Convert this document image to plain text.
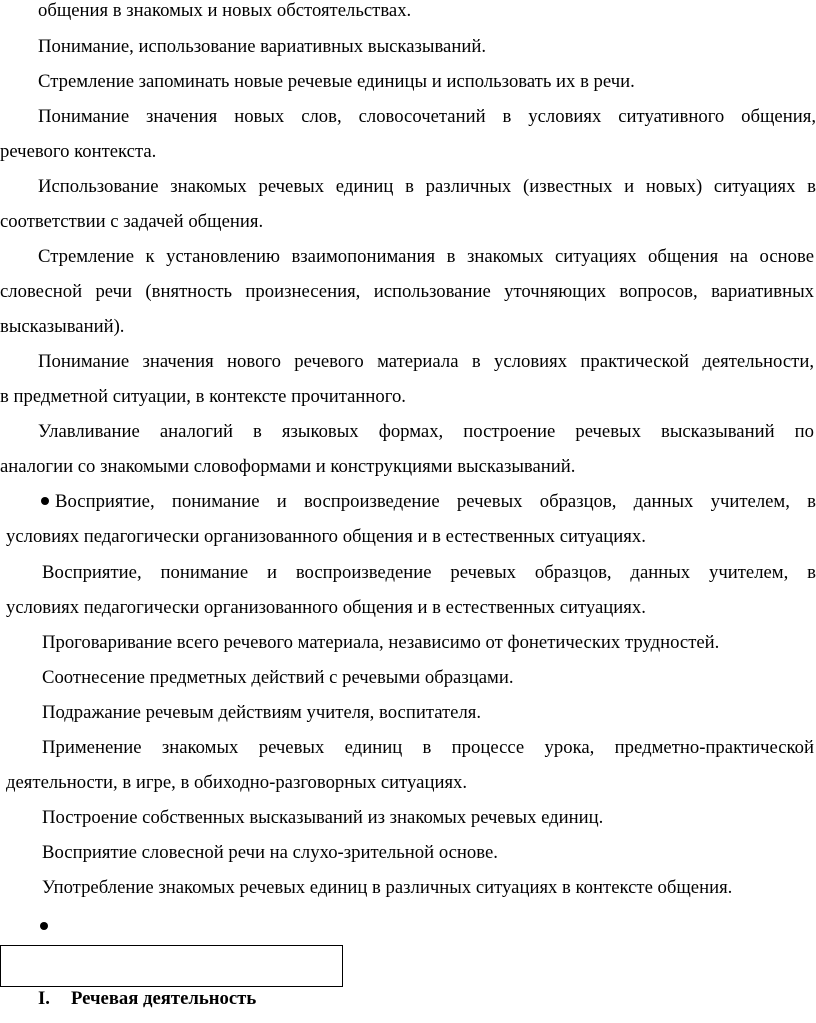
общения в знакомых и новых обстоятельствах.
Понимание, использование вариативных высказываний.
Стремление запоминать новые речевые единицы и использовать их в речи.
Понимание значения новых слов, словосочетаний в условиях ситуативного общения,
речевого контекста.
Использование знакомых речевых единиц в различных (известных и новых) ситуациях в
соответствии с задачей общения.
Стремление к установлению взаимопонимания в знакомых ситуациях общения на основе
словесной речи (внятность произнесения, использование уточняющих вопросов, вариативных
высказываний).
Понимание значения нового речевого материала в условиях практической деятельности,
в предметной ситуации, в контексте прочитанного.
Улавливание аналогий в языковых формах, построение речевых высказываний по
аналогии со знакомыми словоформами и конструкциями высказываний.
Восприятие, понимание и воспроизведение речевых образцов, данных учителем, в
условиях педагогически организованного общения и в естественных ситуациях.
Восприятие, понимание и воспроизведение речевых образцов, данных учителем, в
условиях педагогически организованного общения и в естественных ситуациях.
Проговаривание всего речевого материала, независимо от фонетических трудностей.
Соотнесение предметных действий с речевыми образцами.
Подражание речевым действиям учителя, воспитателя.
Применение знакомых речевых единиц в процессе урока, предметно-практической
деятельности, в игре, в обиходно-разговорных ситуациях.
Построение собственных высказываний из знакомых речевых единиц.
Восприятие словесной речи на слухо-зрительной основе.
Употребление знакомых речевых единиц в различных ситуациях в контексте общения.
I. Речевая деятельность
